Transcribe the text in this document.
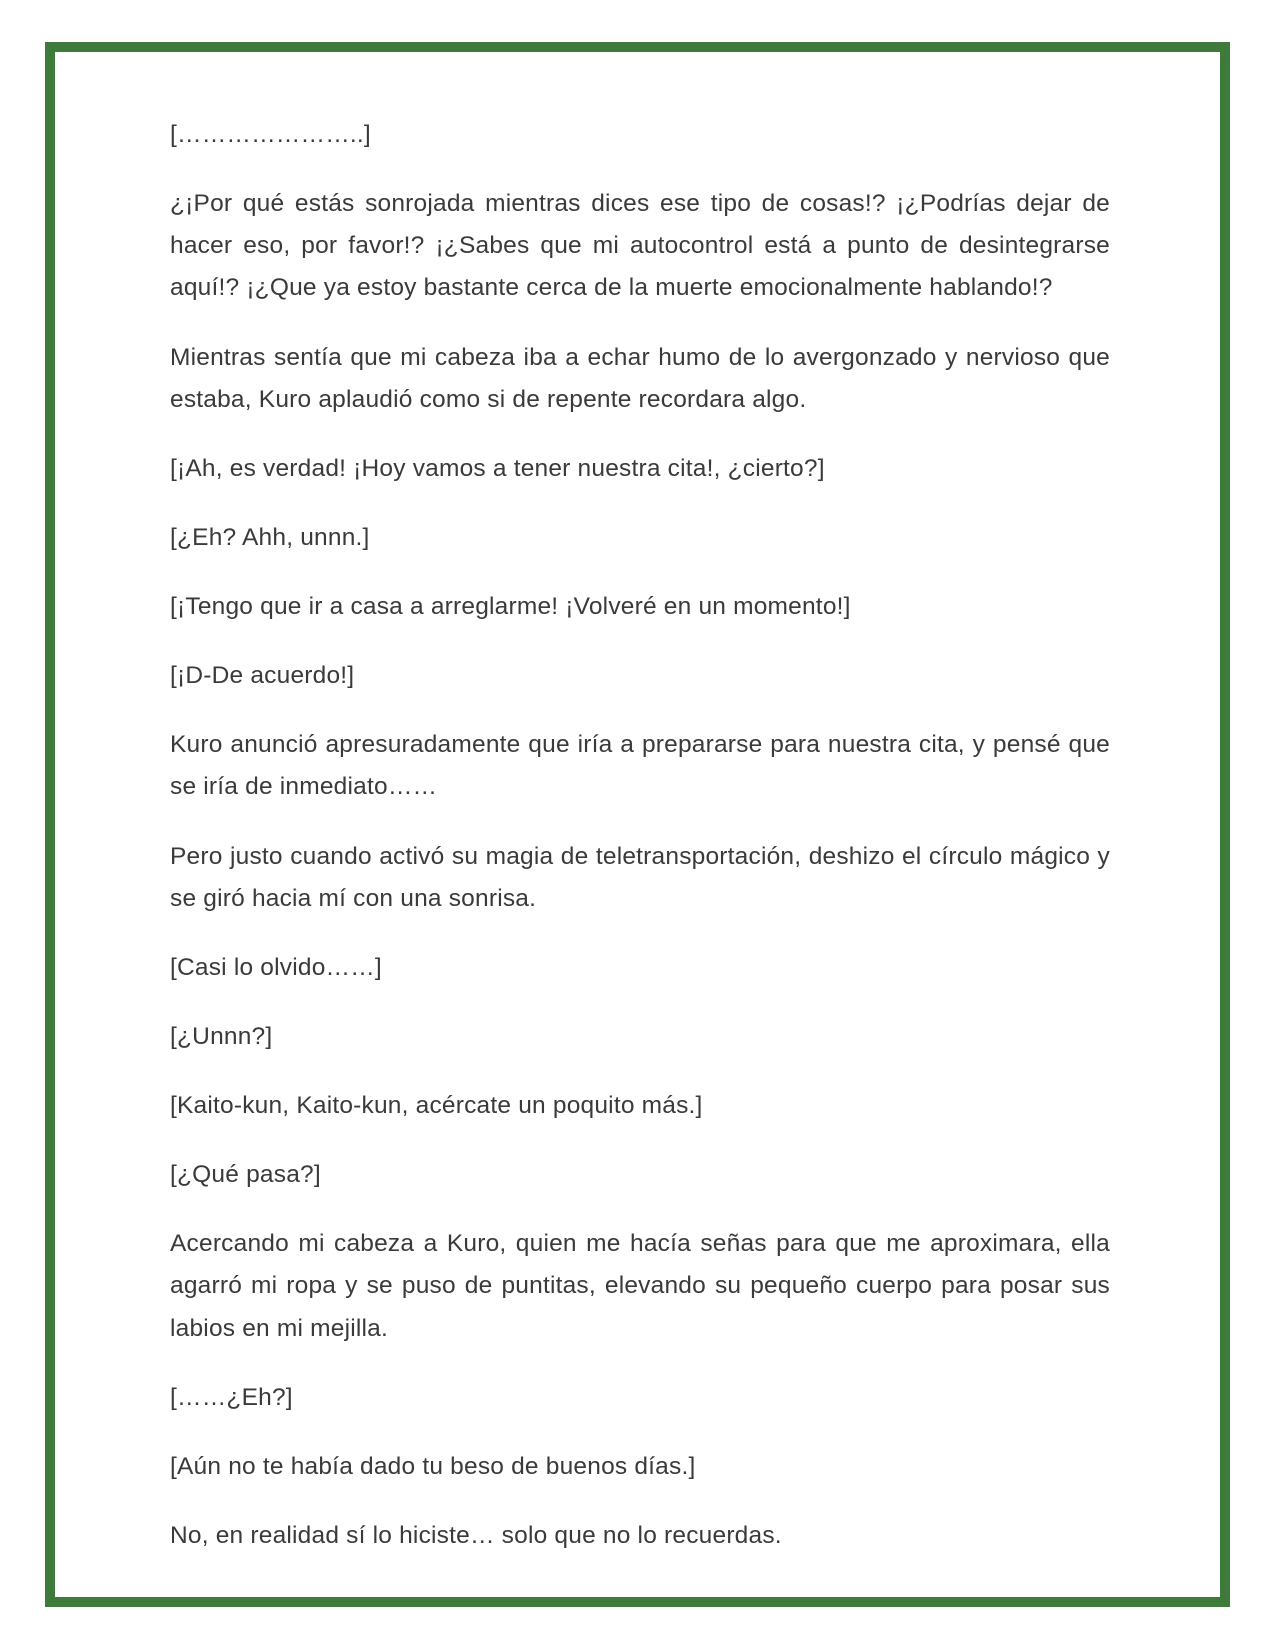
[…………………..]

¿¡Por qué estás sonrojada mientras dices ese tipo de cosas!? ¡¿Podrías dejar de hacer eso, por favor!? ¡¿Sabes que mi autocontrol está a punto de desintegrarse aquí!? ¡¿Que ya estoy bastante cerca de la muerte emocionalmente hablando!?

Mientras sentía que mi cabeza iba a echar humo de lo avergonzado y nervioso que estaba, Kuro aplaudió como si de repente recordara algo.

[¡Ah, es verdad! ¡Hoy vamos a tener nuestra cita!, ¿cierto?]

[¿Eh? Ahh, unnn.]

[¡Tengo que ir a casa a arreglarme! ¡Volveré en un momento!]

[¡D-De acuerdo!]

Kuro anunció apresuradamente que iría a prepararse para nuestra cita, y pensé que se iría de inmediato……

Pero justo cuando activó su magia de teletransportación, deshizo el círculo mágico y se giró hacia mí con una sonrisa.

[Casi lo olvido……]

[¿Unnn?]

[Kaito-kun, Kaito-kun, acércate un poquito más.]

[¿Qué pasa?]

Acercando mi cabeza a Kuro, quien me hacía señas para que me aproximara, ella agarró mi ropa y se puso de puntitas, elevando su pequeño cuerpo para posar sus labios en mi mejilla.

[……¿Eh?]

[Aún no te había dado tu beso de buenos días.]

No, en realidad sí lo hiciste… solo que no lo recuerdas.
